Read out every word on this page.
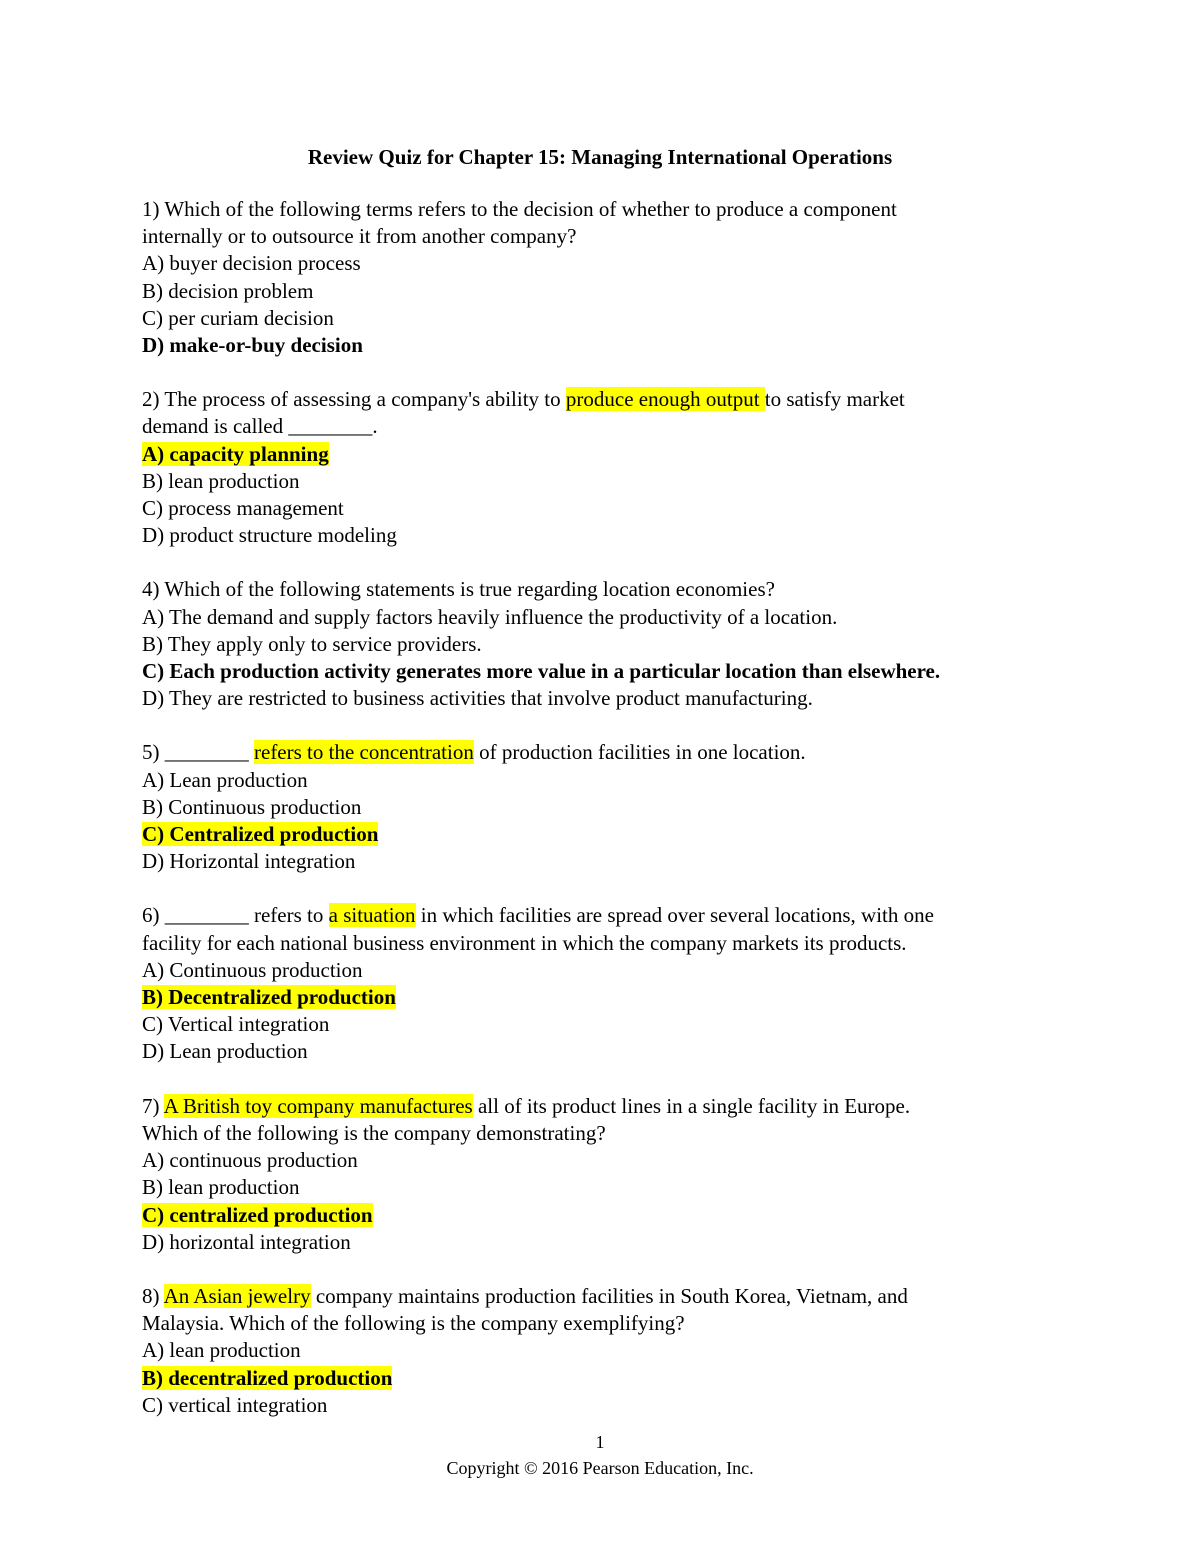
Review Quiz for Chapter 15: Managing International Operations
1) Which of the following terms refers to the decision of whether to produce a component
internally or to outsource it from another company?
A) buyer decision process
B) decision problem
C) per curiam decision
D) make-or-buy decision
2) The process of assessing a company's ability to produce enough output to satisfy market
demand is called ________.
A) capacity planning
B) lean production
C) process management
D) product structure modeling
4) Which of the following statements is true regarding location economies?
A) The demand and supply factors heavily influence the productivity of a location.
B) They apply only to service providers.
C) Each production activity generates more value in a particular location than elsewhere.
D) They are restricted to business activities that involve product manufacturing.
5) ________ refers to the concentration of production facilities in one location.
A) Lean production
B) Continuous production
C) Centralized production
D) Horizontal integration
6) ________ refers to a situation in which facilities are spread over several locations, with one
facility for each national business environment in which the company markets its products.
A) Continuous production
B) Decentralized production
C) Vertical integration
D) Lean production
7) A British toy company manufactures all of its product lines in a single facility in Europe.
Which of the following is the company demonstrating?
A) continuous production
B) lean production
C) centralized production
D) horizontal integration
8) An Asian jewelry company maintains production facilities in South Korea, Vietnam, and
Malaysia. Which of the following is the company exemplifying?
A) lean production
B) decentralized production
C) vertical integration
1
Copyright © 2016 Pearson Education, Inc.
